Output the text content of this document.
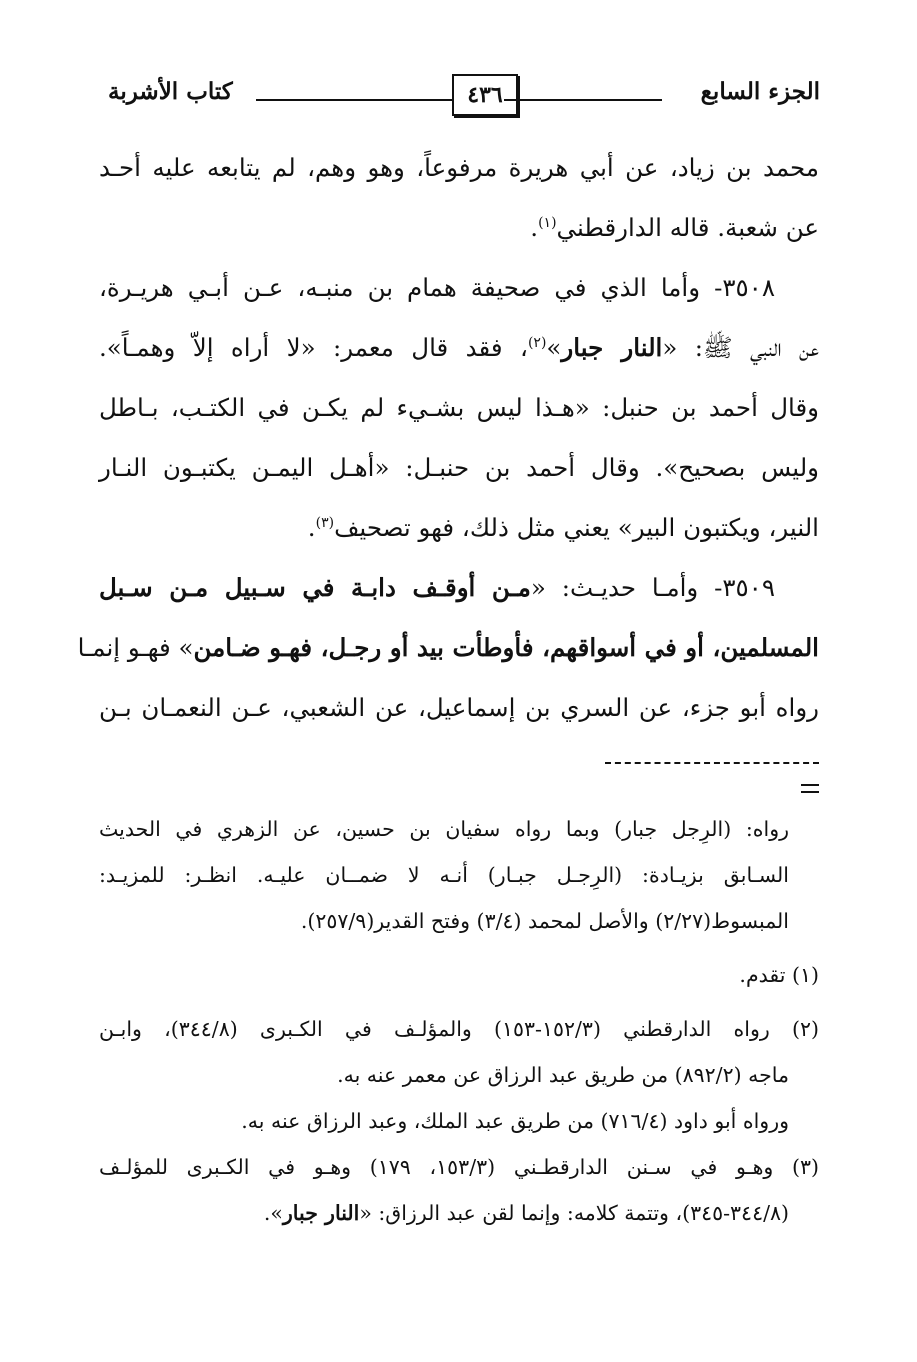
الجزء السابع
٤٣٦
كتاب الأشربة
محمد بن زياد، عن أبي هريرة مرفوعاً، وهو وهم، لم يتابعه عليه أحـد
عن شعبة. قاله الدارقطني$^{(١)}$.
٣٥٠٨- وأما الذي في صحيفة همام بن منبـه، عـن أبـي هريـرة،
عن النبي ﷺ: «النار جبار»$^{(٢)}$، فقد قال معمر: «لا أراه إلاّ وهمـاً».
وقال أحمد بن حنبل: «هـذا ليس بشـيء لم يكـن في الكتـب، بـاطل
وليس بصحيح». وقال أحمد بن حنبـل: «أهـل اليمـن يكتبـون النـار
النير، ويكتبون البير» يعني مثل ذلك، فهو تصحيف$^{(٣)}$.
٣٥٠٩- وأمـا حديـث: «مـن أوقـف دابـة في سـبيل مـن سـبل
المسلمين، أو في أسواقهم، فأوطأت بيد أو رجـل، فهـو ضـامن» فهـو إنمـا
رواه أبو جزء، عن السري بن إسماعيل، عن الشعبي، عـن النعمـان بـن
رواه: (الرِجل جبار) وبما رواه سفيان بن حسين، عن الزهري في الحديث
السـابق بزيـادة: (الرِجـل جبـار) أنـه لا ضمــان عليـه. انظـر: للمزيـد:
المبسوط(٢/٢٧) والأصل لمحمد (٣/٤) وفتح القدير(٢٥٧/٩).
(١) تقدم.
(٢) رواه الدارقطني (١٥٢/٣-١٥٣) والمؤلـف في الكـبرى (٣٤٤/٨)، وابـن
ماجه (٨٩٢/٢) من طريق عبد الرزاق عن معمر عنه به.
ورواه أبو داود (٧١٦/٤) من طريق عبد الملك، وعبد الرزاق عنه به.
(٣) وهـو في سـنن الدارقطـني (١٥٣/٣، ١٧٩) وهـو في الكـبرى للمؤلـف
(٣٤٤/٨-٣٤٥)، وتتمة كلامه: وإنما لقن عبد الرزاق: «النار جبار».
